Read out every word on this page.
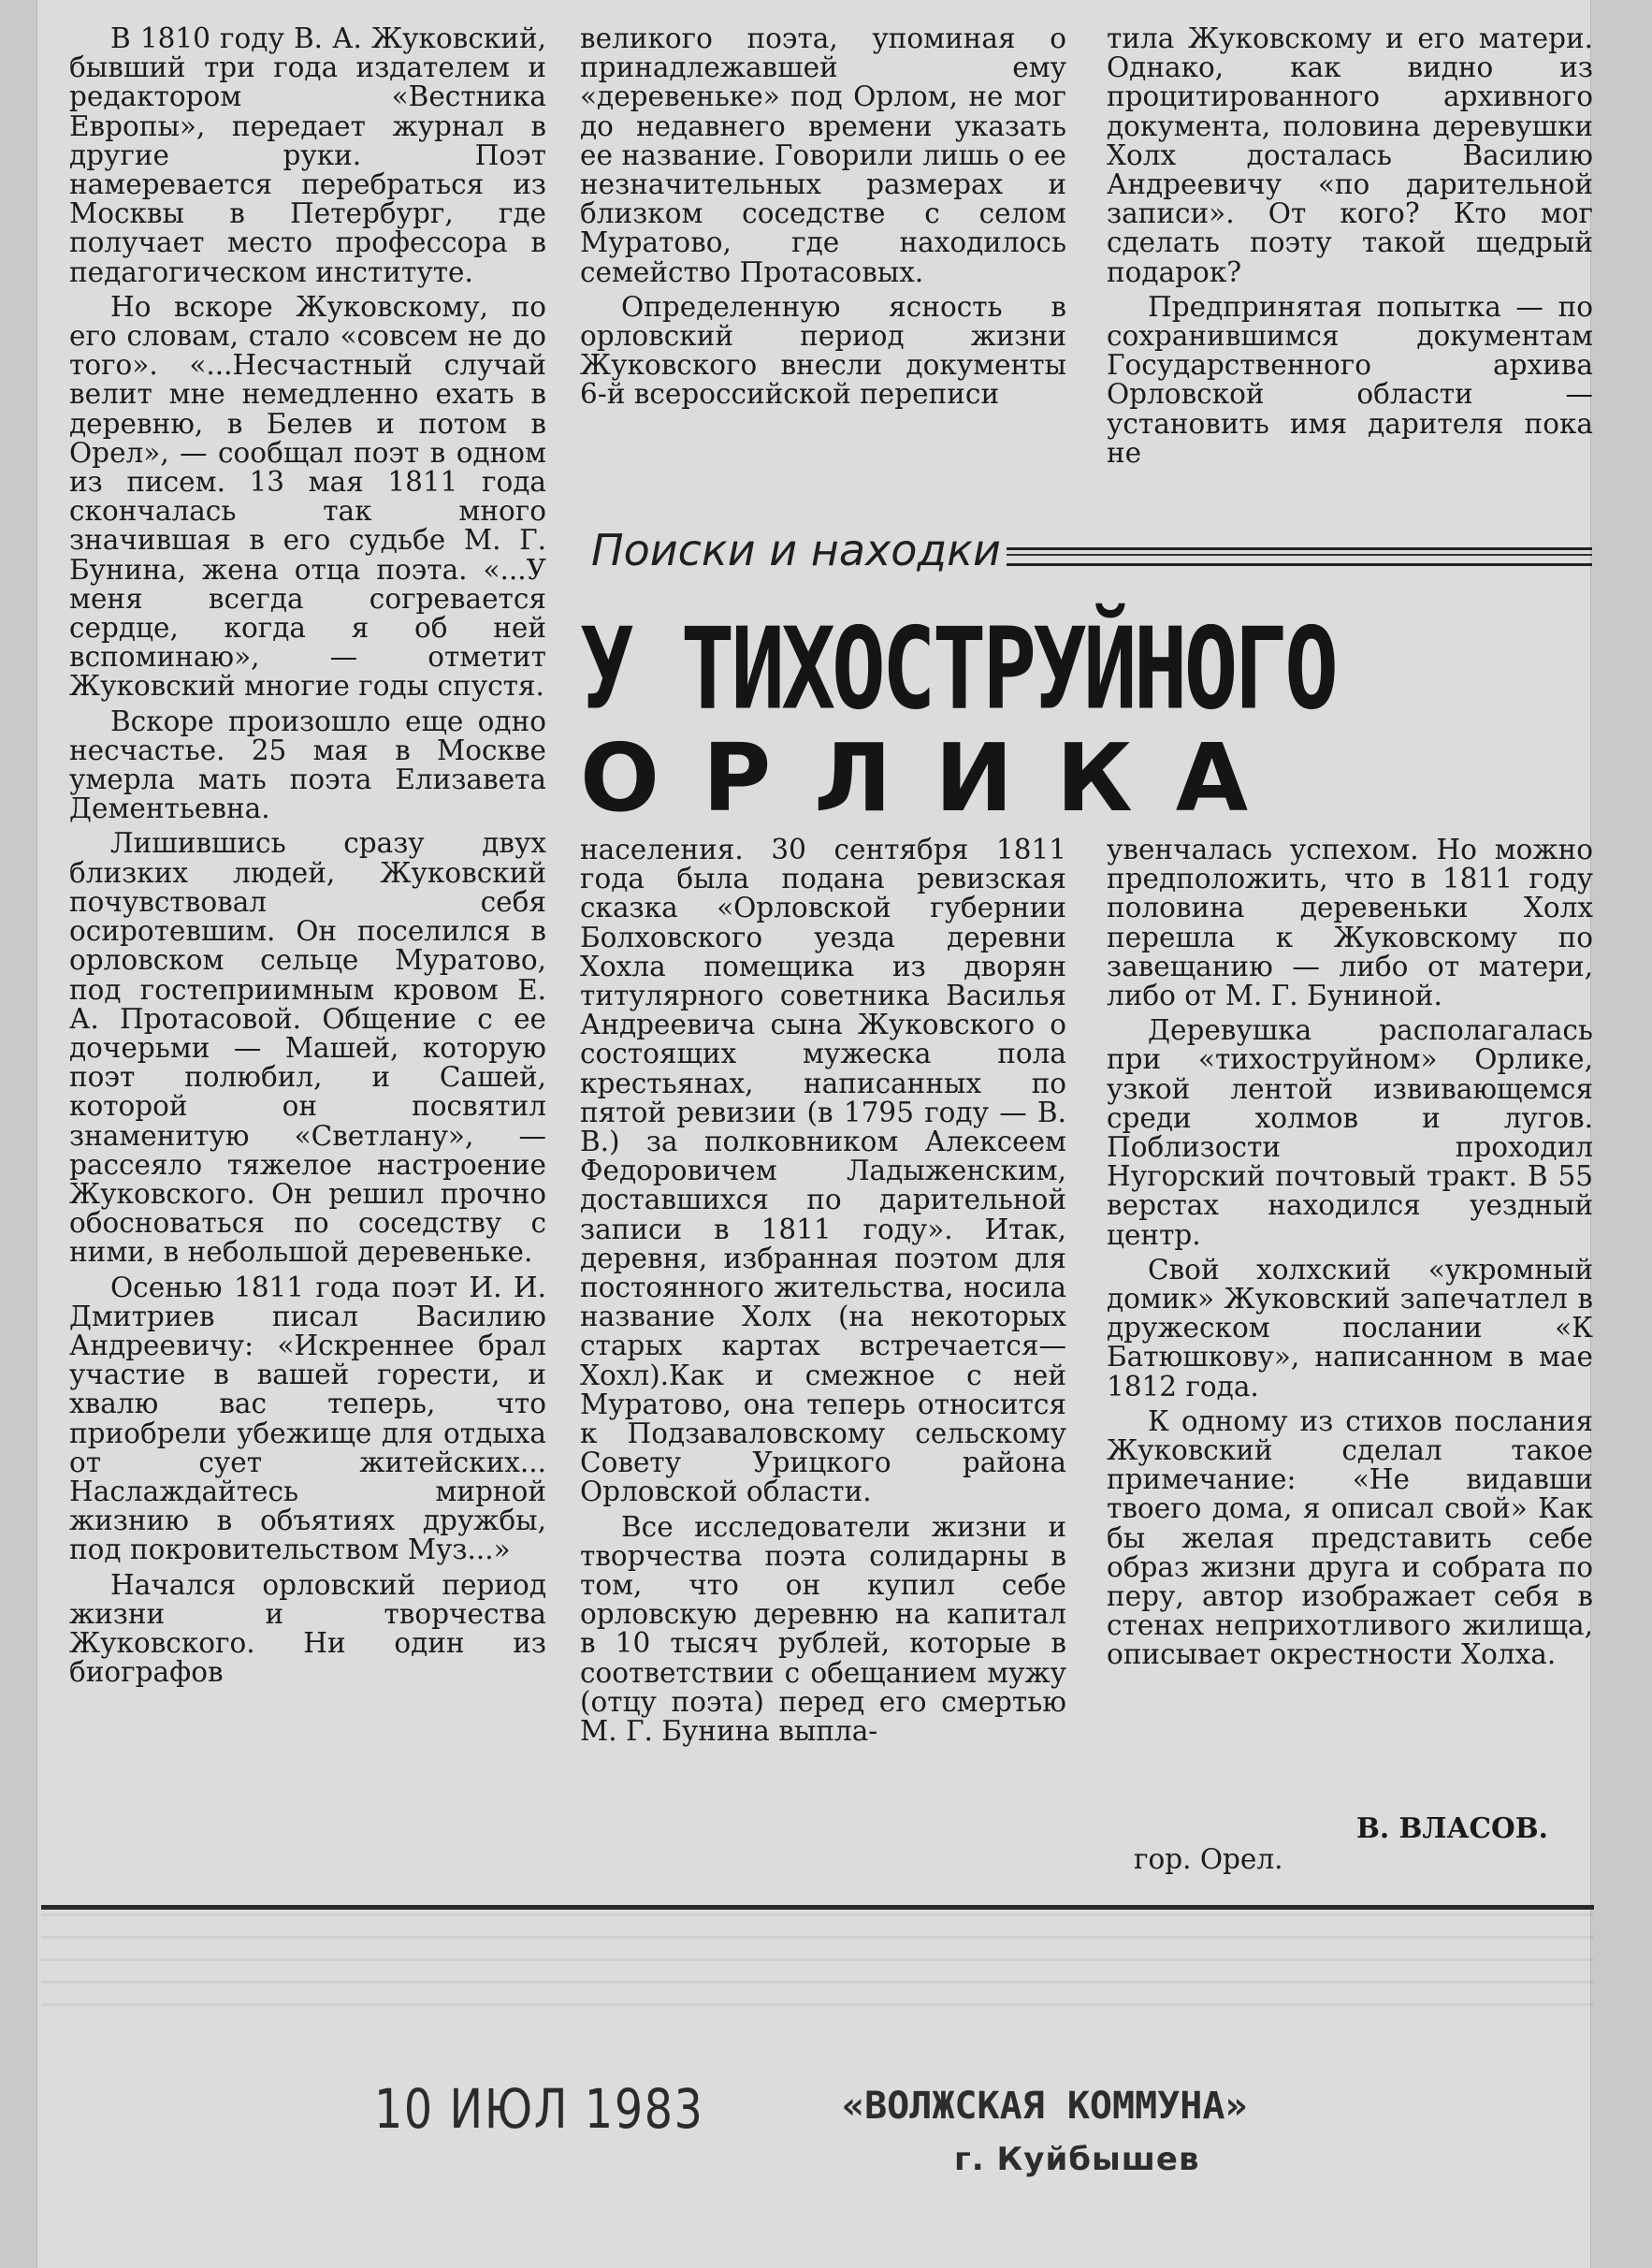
В 1810 году В. А. Жуковский, бывший три года издателем и редактором «Вестника Европы», передает журнал в другие руки. Поэт намеревается перебраться из Москвы в Петербург, где получает место профессора в педагогическом институте.

Но вскоре Жуковскому, по его словам, стало «совсем не до того». «...Несчастный случай велит мне немедленно ехать в деревню, в Белев и потом в Орел», — сообщал поэт в одном из писем. 13 мая 1811 года скончалась так много значившая в его судьбе М. Г. Бунина, жена отца поэта. «...У меня всегда согревается сердце, когда я об ней вспоминаю», — отметит Жуковский многие годы спустя.

Вскоре произошло еще одно несчастье. 25 мая в Москве умерла мать поэта Елизавета Дементьевна.

Лишившись сразу двух близких людей, Жуковский почувствовал себя осиротевшим. Он поселился в орловском сельце Муратово, под гостеприимным кровом Е. А. Протасовой. Общение с ее дочерьми — Машей, которую поэт полюбил, и Сашей, которой он посвятил знаменитую «Светлану», — рассеяло тяжелое настроение Жуковского. Он решил прочно обосноваться по соседству с ними, в небольшой деревеньке.

Осенью 1811 года поэт И. И. Дмитриев писал Василию Андреевичу: «Искреннее брал участие в вашей горести, и хвалю вас теперь, что приобрели убежище для отдыха от сует житейских... Наслаждайтесь мирной жизнию в объятиях дружбы, под покровительством Муз...»

Начался орловский период жизни и творчества Жуковского. Ни один из биографов

великого поэта, упоминая о принадлежавшей ему «деревеньке» под Орлом, не мог до недавнего времени указать ее название. Говорили лишь о ее незначительных размерах и близком соседстве с селом Муратово, где находилось семейство Протасовых.

Определенную ясность в орловский период жизни Жуковского внесли документы 6-й всероссийской переписи

тила Жуковскому и его матери. Однако, как видно из процитированного архивного документа, половина деревушки Холх досталась Василию Андреевичу «по дарительной записи». От кого? Кто мог сделать поэту такой щедрый подарок?

Предпринятая попытка — по сохранившимся документам Государственного архива Орловской области — установить имя дарителя пока не

Поиски и находки
У ТИХОСТРУЙНОГО
ОРЛИКА

населения. 30 сентября 1811 года была подана ревизская сказка «Орловской губернии Болховского уезда деревни Хохла помещика из дворян титулярного советника Василья Андреевича сына Жуковского о состоящих мужеска пола крестьянах, написанных по пятой ревизии (в 1795 году — В. В.) за полковником Алексеем Федоровичем Ладыженским, доставшихся по дарительной записи в 1811 году». Итак, деревня, избранная поэтом для постоянного жительства, носила название Холх (на некоторых старых картах встречается— Хохл).Как и смежное с ней Муратово, она теперь относится к Подзаваловскому сельскому Совету Урицкого района Орловской области.

Все исследователи жизни и творчества поэта солидарны в том, что он купил себе орловскую деревню на капитал в 10 тысяч рублей, которые в соответствии с обещанием мужу (отцу поэта) перед его смертью М. Г. Бунина выпла-

увенчалась успехом. Но можно предположить, что в 1811 году половина деревеньки Холх перешла к Жуковскому по завещанию — либо от матери, либо от М. Г. Буниной.

Деревушка располагалась при «тихоструйном» Орлике, узкой лентой извивающемся среди холмов и лугов. Поблизости проходил Нугорский почтовый тракт. В 55 верстах находился уездный центр.

Свой холхский «укромный домик» Жуковский запечатлел в дружеском послании «К Батюшкову», написанном в мае 1812 года.

К одному из стихов послания Жуковский сделал такое примечание: «Не видавши твоего дома, я описал свой» Как бы желая представить себе образ жизни друга и собрата по перу, автор изображает себя в стенах неприхотливого жилища, описывает окрестности Холха.

В. ВЛАСОВ.
гор. Орел.
10 ИЮЛ 1983	«ВОЛЖСКАЯ КОММУНА»
г. Куйбышев
